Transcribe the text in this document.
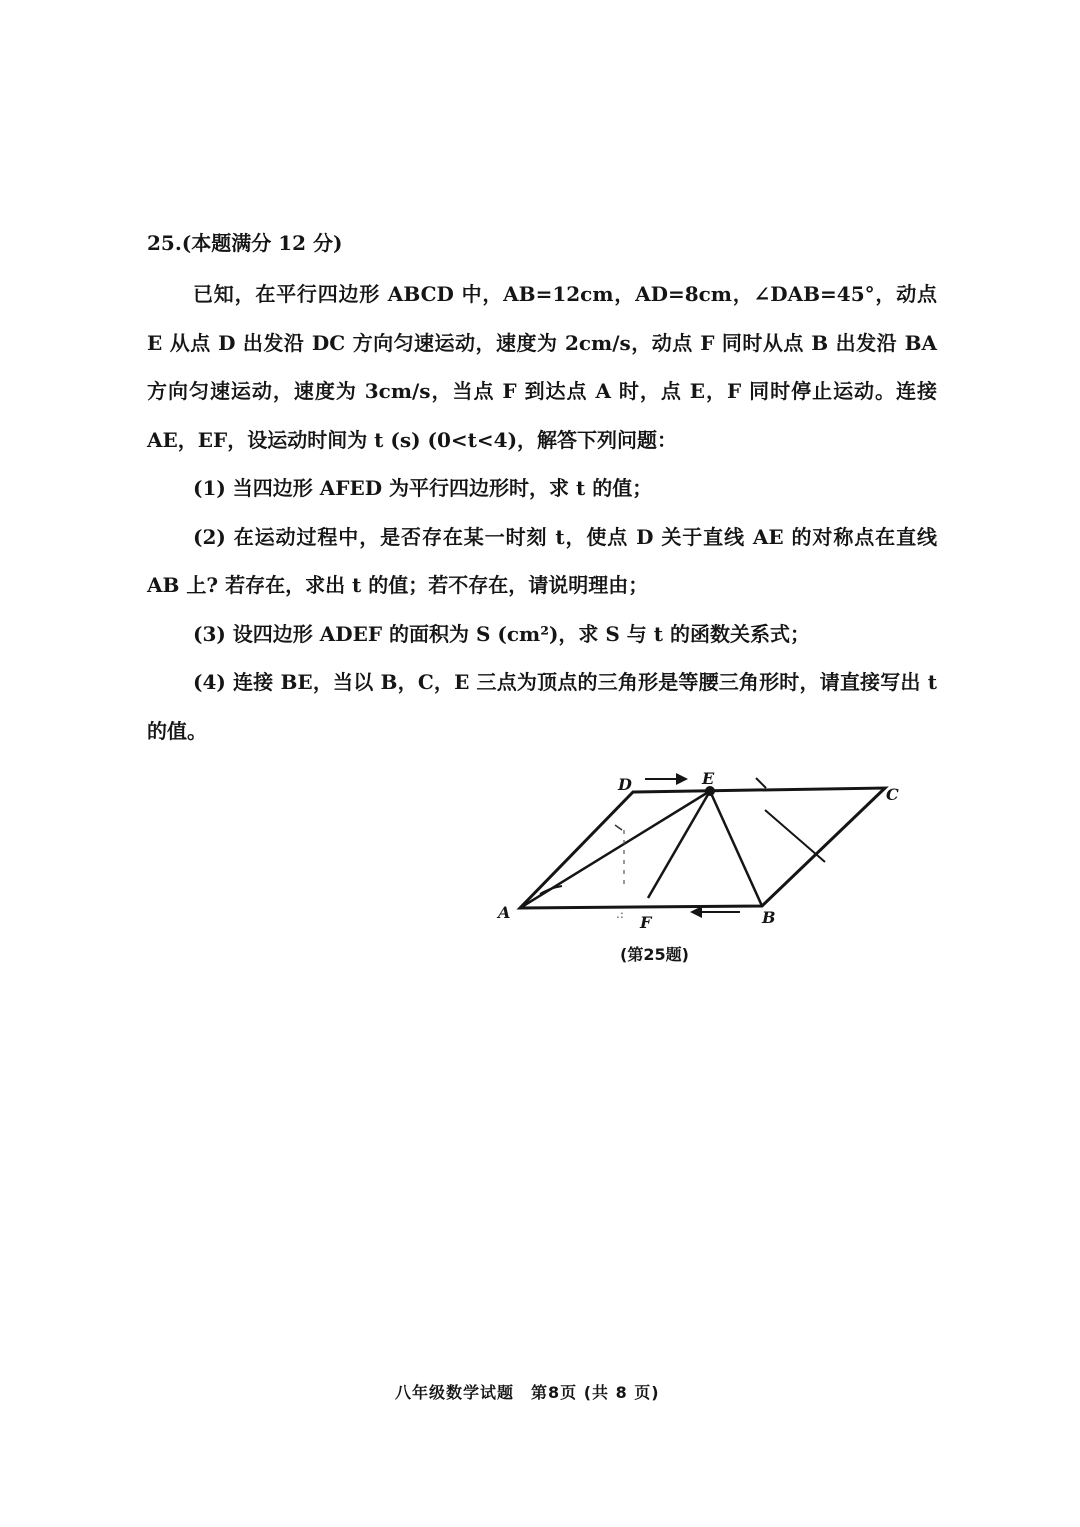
25.(本题满分 12 分)

已知，在平行四边形 ABCD 中，AB=12cm，AD=8cm，∠DAB=45°，动点 E 从点 D 出发沿 DC 方向匀速运动，速度为 2cm/s，动点 F 同时从点 B 出发沿 BA 方向匀速运动，速度为 3cm/s，当点 F 到达点 A 时，点 E，F 同时停止运动。连接 AE，EF，设运动时间为 t (s) (0<t<4)，解答下列问题：

(1) 当四边形 AFED 为平行四边形时，求 t 的值；

(2) 在运动过程中，是否存在某一时刻 t，使点 D 关于直线 AE 的对称点在直线 AB 上? 若存在，求出 t 的值；若不存在，请说明理由；

(3) 设四边形 ADEF 的面积为 S (cm²)，求 S 与 t 的函数关系式；

(4) 连接 BE，当以 B，C，E 三点为顶点的三角形是等腰三角形时，请直接写出 t 的值。

.:
A	B
C
D	E
F
(第25题)
八年级数学试题　第8页 (共 8 页)
